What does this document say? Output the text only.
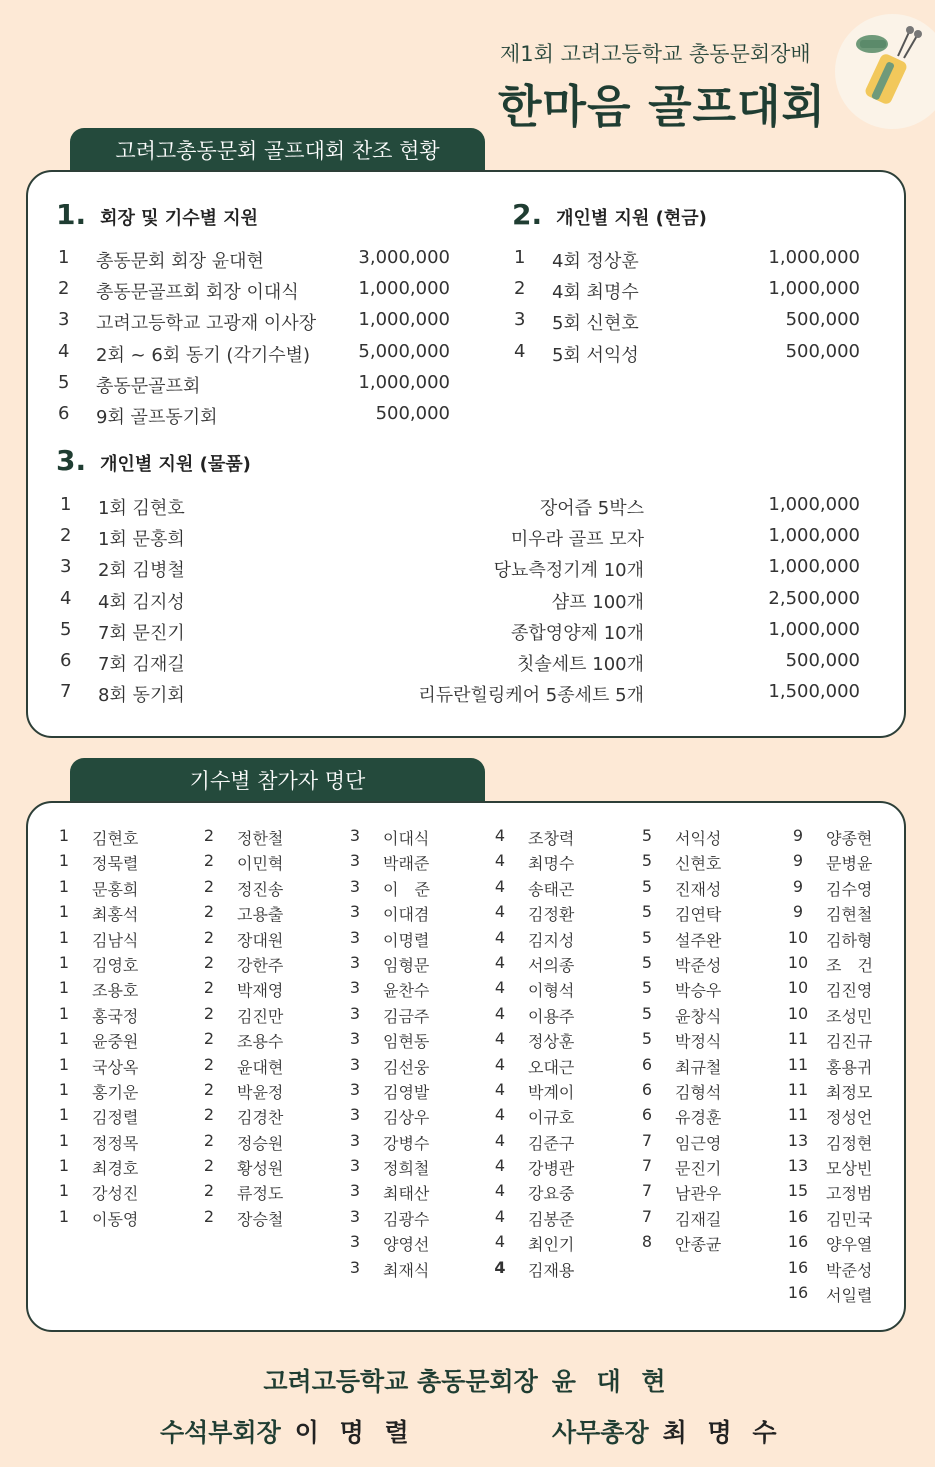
제1회 고려고등학교 총동문회장배
한마음 골프대회
고려고총동문회 골프대회 찬조 현황
1. 회장 및 기수별 지원
1 총동문회 회장 윤대현	3,000,000
2 총동문골프회 회장 이대식	1,000,000
3 고려고등학교 고광재 이사장	1,000,000
4 2회 ~ 6회 동기 (각기수별)	5,000,000
5 총동문골프회	1,000,000
6 9회 골프동기회	500,000
2. 개인별 지원 (현금)
1 4회 정상훈	1,000,000
2 4회 최명수	1,000,000
3 5회 신현호	500,000
4 5회 서익성	500,000
3. 개인별 지원 (물품)
1 1회 김현호	장어즙 5박스	1,000,000
2 1회 문홍희	미우라 골프 모자	1,000,000
3 2회 김병철	당뇨측정기계 10개	1,000,000
4 4회 김지성	샴프 100개	2,500,000
5 7회 문진기	종합영양제 10개	1,000,000
6 7회 김재길	칫솔세트 100개	500,000
7 8회 동기회	리듀란힐링케어 5종세트 5개	1,500,000
기수별 참가자 명단
1	김현호
1	정묵렬
1	문홍희
1	최홍석
1	김남식
1	김영호
1	조용호
1	홍국정
1	윤중원
1	국상옥
1	홍기운
1	김정렬
1	정정목
1	최경호
1	강성진
1	이동영
2	정한철
2	이민혁
2	정진송
2	고용출
2	장대원
2	강한주
2	박재영
2	김진만
2	조용수
2	윤대현
2	박윤정
2	김경찬
2	정승원
2	황성원
2	류정도
2	장승철
3	이대식
3	박래준
3	이　준
3	이대겸
3	이명렬
3	임형문
3	윤찬수
3	김금주
3	임현동
3	김선웅
3	김영발
3	김상우
3	강병수
3	정희철
3	최태산
3	김광수
3	양영선
3	최재식
4	조창력
4	최명수
4	송태곤
4	김정환
4	김지성
4	서의종
4	이형석
4	이용주
4	정상훈
4	오대근
4	박계이
4	이규호
4	김준구
4	강병관
4	강요중
4	김봉준
4	최인기
4	김재용
5	서익성
5	신현호
5	진재성
5	김연탁
5	설주완
5	박준성
5	박승우
5	윤창식
5	박정식
6	최규철
6	김형석
6	유경훈
7	임근영
7	문진기
7	남관우
7	김재길
8	안종균
9	양종현
9	문병윤
9	김수영
9	김현철
10 김하형
10 조　건
10 김진영
10 조성민
11 김진규
11 홍용귀
11 최정모
11 정성언
13 김정현
13 모상빈
15 고정범
16 김민국
16 양우열
16 박준성
16 서일렬
고려고등학교 총동문회장 윤 대 현
수석부회장 이 명 렬	사무총장 최 명 수
